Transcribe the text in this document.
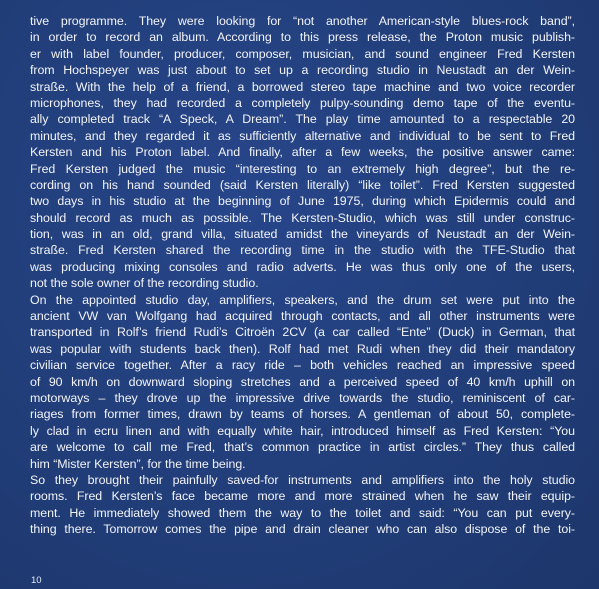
tive programme. They were looking for “not another American-style blues-rock band”,
in order to record an album. According to this press release, the Proton music publish-
er with label founder, producer, composer, musician, and sound engineer Fred Kersten
from Hochspeyer was just about to set up a recording studio in Neustadt an der Wein-
straße. With the help of a friend, a borrowed stereo tape machine and two voice recorder
microphones, they had recorded a completely pulpy-sounding demo tape of the eventu-
ally completed track “A Speck, A Dream”. The play time amounted to a respectable 20
minutes, and they regarded it as sufficiently alternative and individual to be sent to Fred
Kersten and his Proton label. And finally, after a few weeks, the positive answer came:
Fred Kersten judged the music “interesting to an extremely high degree”, but the re-
cording on his hand sounded (said Kersten literally) “like toilet”. Fred Kersten suggested
two days in his studio at the beginning of June 1975, during which Epidermis could and
should record as much as possible. The Kersten-Studio, which was still under construc-
tion, was in an old, grand villa, situated amidst the vineyards of Neustadt an der Wein-
straße. Fred Kersten shared the recording time in the studio with the TFE-Studio that
was producing mixing consoles and radio adverts. He was thus only one of the users,
not the sole owner of the recording studio.
On the appointed studio day, amplifiers, speakers, and the drum set were put into the
ancient VW van Wolfgang had acquired through contacts, and all other instruments were
transported in Rolf’s friend Rudi’s Citroën 2CV (a car called “Ente” (Duck) in German, that
was popular with students back then). Rolf had met Rudi when they did their mandatory
civilian service together. After a racy ride – both vehicles reached an impressive speed
of 90 km/h on downward sloping stretches and a perceived speed of 40 km/h uphill on
motorways – they drove up the impressive drive towards the studio, reminiscent of car-
riages from former times, drawn by teams of horses. A gentleman of about 50, complete-
ly clad in ecru linen and with equally white hair, introduced himself as Fred Kersten: “You
are welcome to call me Fred, that’s common practice in artist circles.” They thus called
him “Mister Kersten”, for the time being.
So they brought their painfully saved-for instruments and amplifiers into the holy studio
rooms. Fred Kersten’s face became more and more strained when he saw their equip-
ment. He immediately showed them the way to the toilet and said: “You can put every-
thing there. Tomorrow comes the pipe and drain cleaner who can also dispose of the toi-
10
